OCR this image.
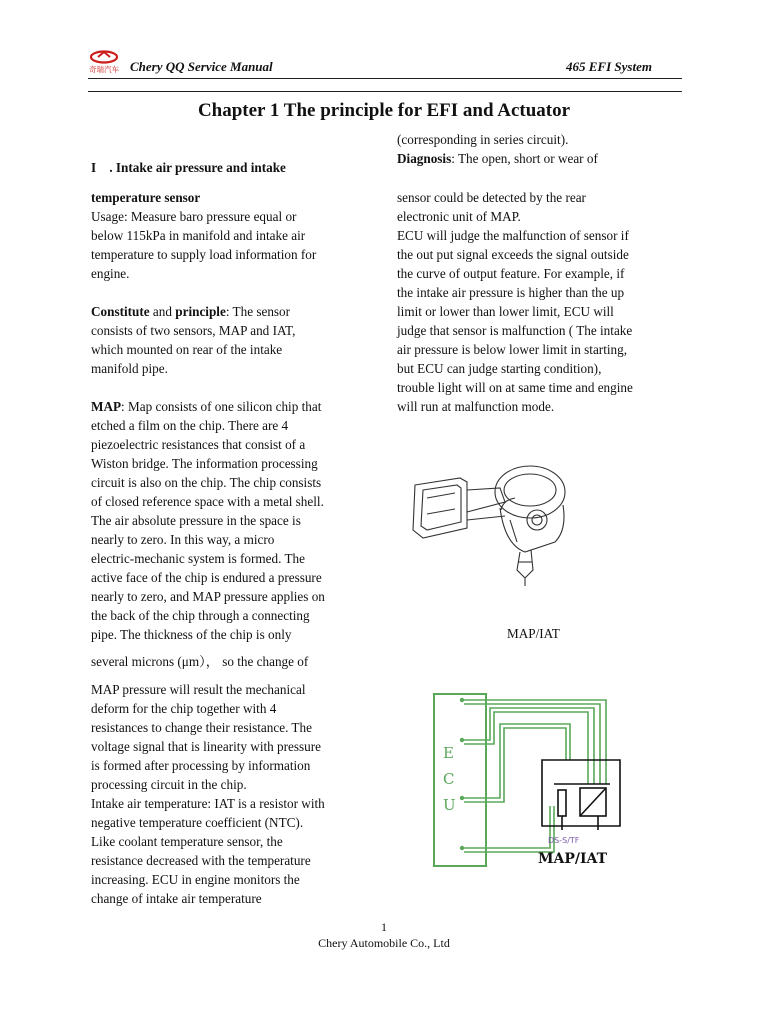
奇瑞汽车 Chery QQ Service Manual	465 EFI System
Chapter 1 The principle for EFI and Actuator

I　. Intake air pressure and intake

temperature sensor

Usage: Measure baro pressure equal or

below 115kPa in manifold and intake air

temperature to supply load information for

engine.

Constitute and principle: The sensor

consists of two sensors, MAP and IAT,

which mounted on rear of the intake

manifold pipe.

MAP: Map consists of one silicon chip that

etched a film on the chip. There are 4

piezoelectric resistances that consist of a

Wiston bridge. The information processing

circuit is also on the chip. The chip consists

of closed reference space with a metal shell.

The air absolute pressure in the space is

nearly to zero. In this way, a micro

electric-mechanic system is formed. The

active face of the chip is endured a pressure

nearly to zero, and MAP pressure applies on

the back of the chip through a connecting

pipe. The thickness of the chip is only

several microns (μm）， so the change of

MAP pressure will result the mechanical

deform for the chip together with 4

resistances to change their resistance. The

voltage signal that is linearity with pressure

is formed after processing by information

processing circuit in the chip.

Intake air temperature: IAT is a resistor with

negative temperature coefficient (NTC).

Like coolant temperature sensor, the

resistance decreased with the temperature

increasing. ECU in engine monitors the

change of intake air temperature

(corresponding in series circuit).

Diagnosis: The open, short or wear of

sensor could be detected by the rear

electronic unit of MAP.

ECU will judge the malfunction of sensor if

the out put signal exceeds the signal outside

the curve of output feature. For example, if

the intake air pressure is higher than the up

limit or lower than lower limit, ECU will

judge that sensor is malfunction ( The intake

air pressure is below lower limit in starting,

but ECU can judge starting condition),

trouble light will on at same time and engine

will run at malfunction mode.

MAP/IAT
E
C
U
DS-S/TF
MAP/IAT
1
Chery Automobile Co., Ltd
